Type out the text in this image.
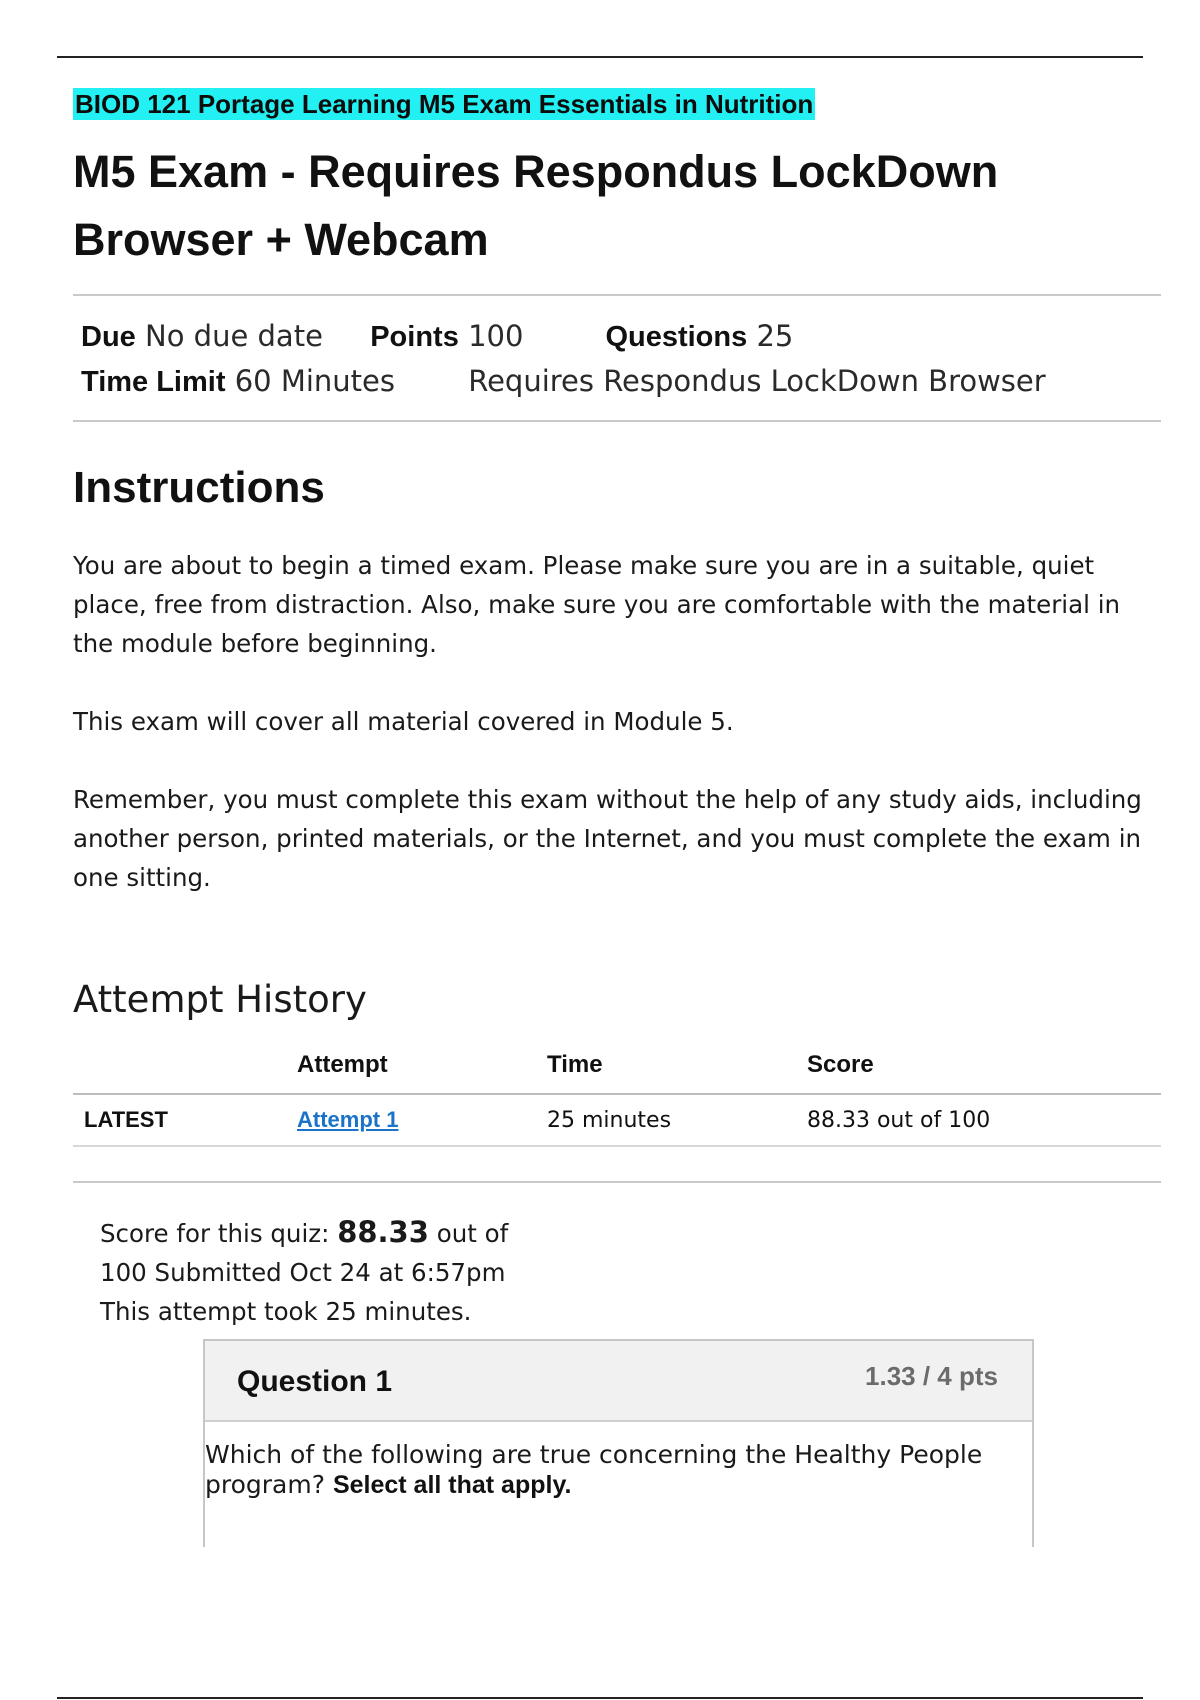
BIOD 121 Portage Learning M5 Exam Essentials in Nutrition
M5 Exam - Requires Respondus LockDown Browser + Webcam
Due No due date Points 100	Questions 25
Time Limit 60 Minutes	Requires Respondus LockDown Browser
Instructions

You are about to begin a timed exam. Please make sure you are in a suitable, quiet place, free from distraction. Also, make sure you are comfortable with the material in the module before beginning.

This exam will cover all material covered in Module 5.

Remember, you must complete this exam without the help of any study aids, including another person, printed materials, or the Internet, and you must complete the exam in one sitting.

Attempt History
	Attempt	Time	Score
LATEST	Attempt 1	25 minutes	88.33 out of 100
Score for this quiz: 88.33 out of 100 Submitted Oct 24 at 6:57pm
This attempt took 25 minutes.
Question 1	1.33 / 4 pts
Which of the following are true concerning the Healthy People program? Select all that apply.
